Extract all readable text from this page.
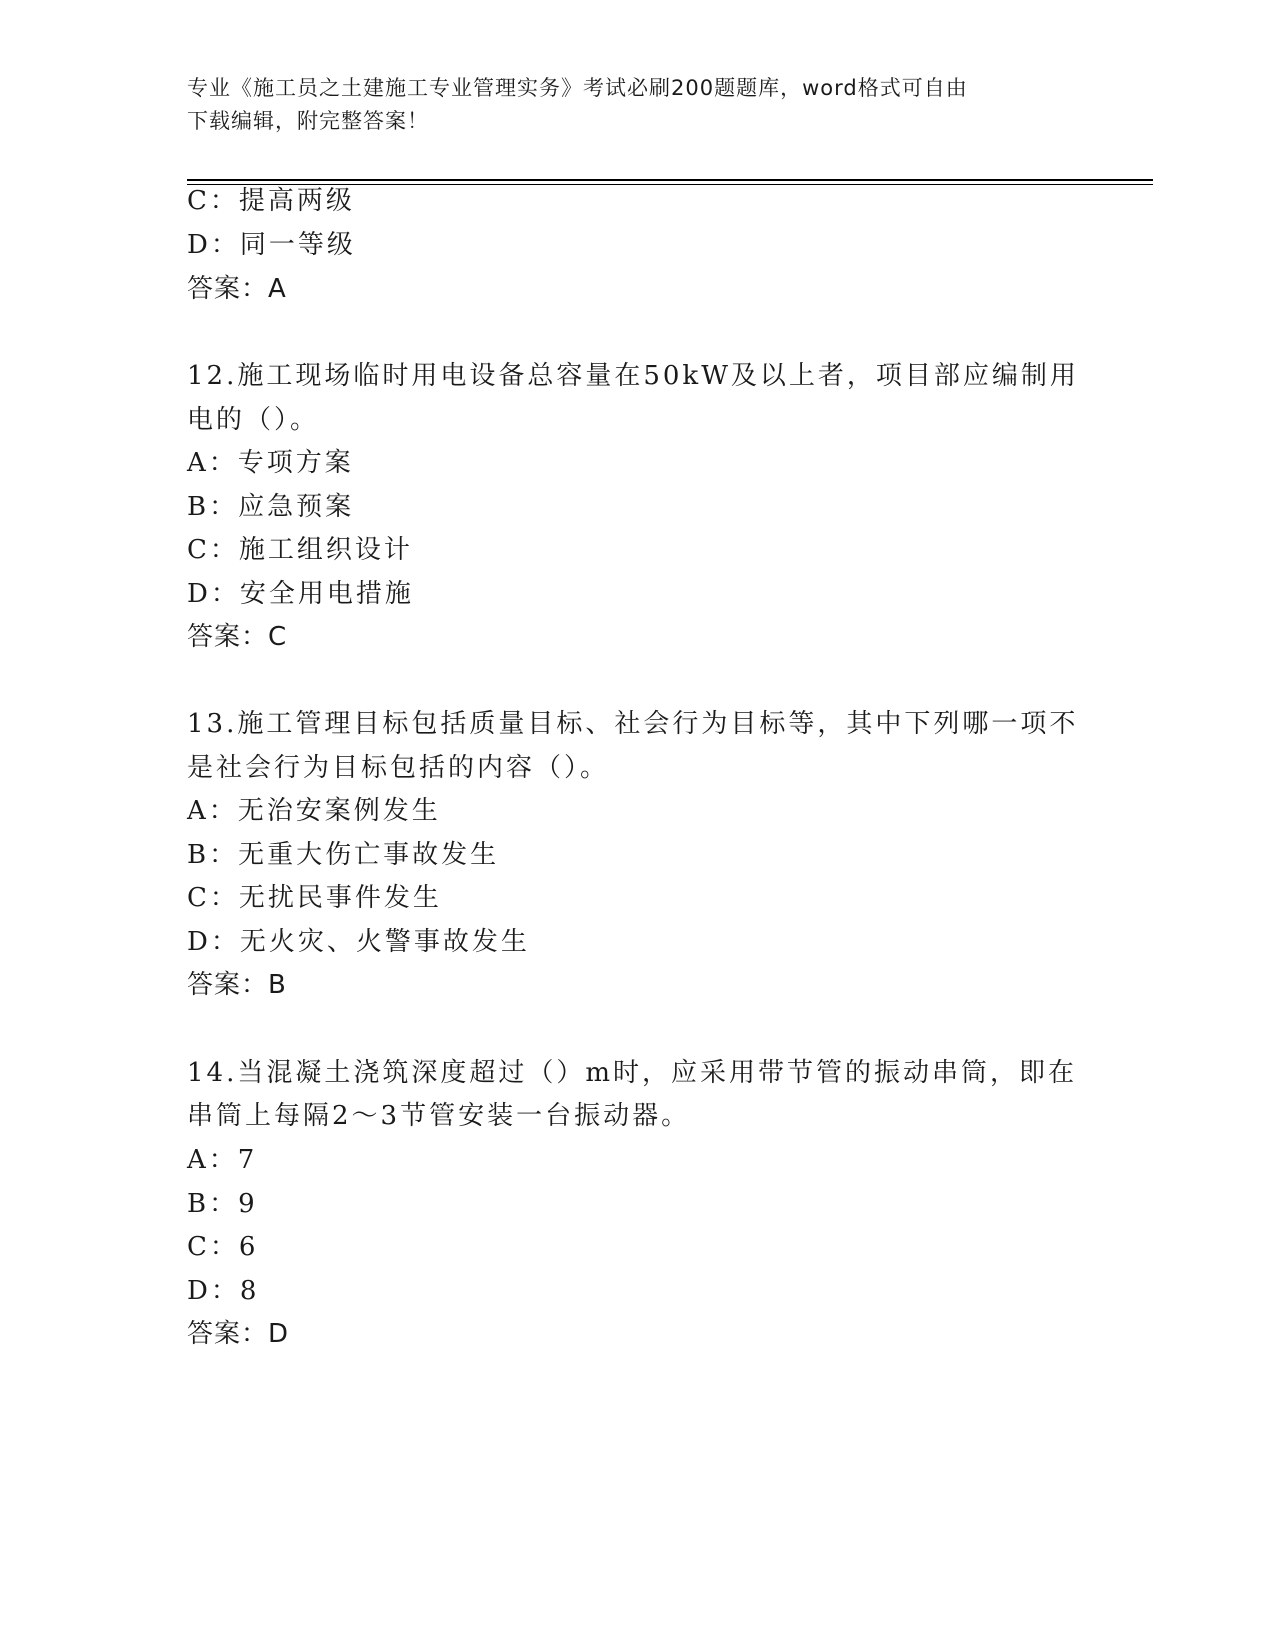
专业《施工员之土建施工专业管理实务》考试必刷200题题库，word格式可自由
下载编辑，附完整答案！
C：提高两级
D：同一等级
答案：A
12.施工现场临时用电设备总容量在50kW及以上者，项目部应编制用
电的（）。
A：专项方案
B：应急预案
C：施工组织设计
D：安全用电措施
答案：C
13.施工管理目标包括质量目标、社会行为目标等，其中下列哪一项不
是社会行为目标包括的内容（）。
A：无治安案例发生
B：无重大伤亡事故发生
C：无扰民事件发生
D：无火灾、火警事故发生
答案：B
14.当混凝土浇筑深度超过（）m时，应采用带节管的振动串筒，即在
串筒上每隔2～3节管安装一台振动器。
A：7
B：9
C：6
D：8
答案：D
